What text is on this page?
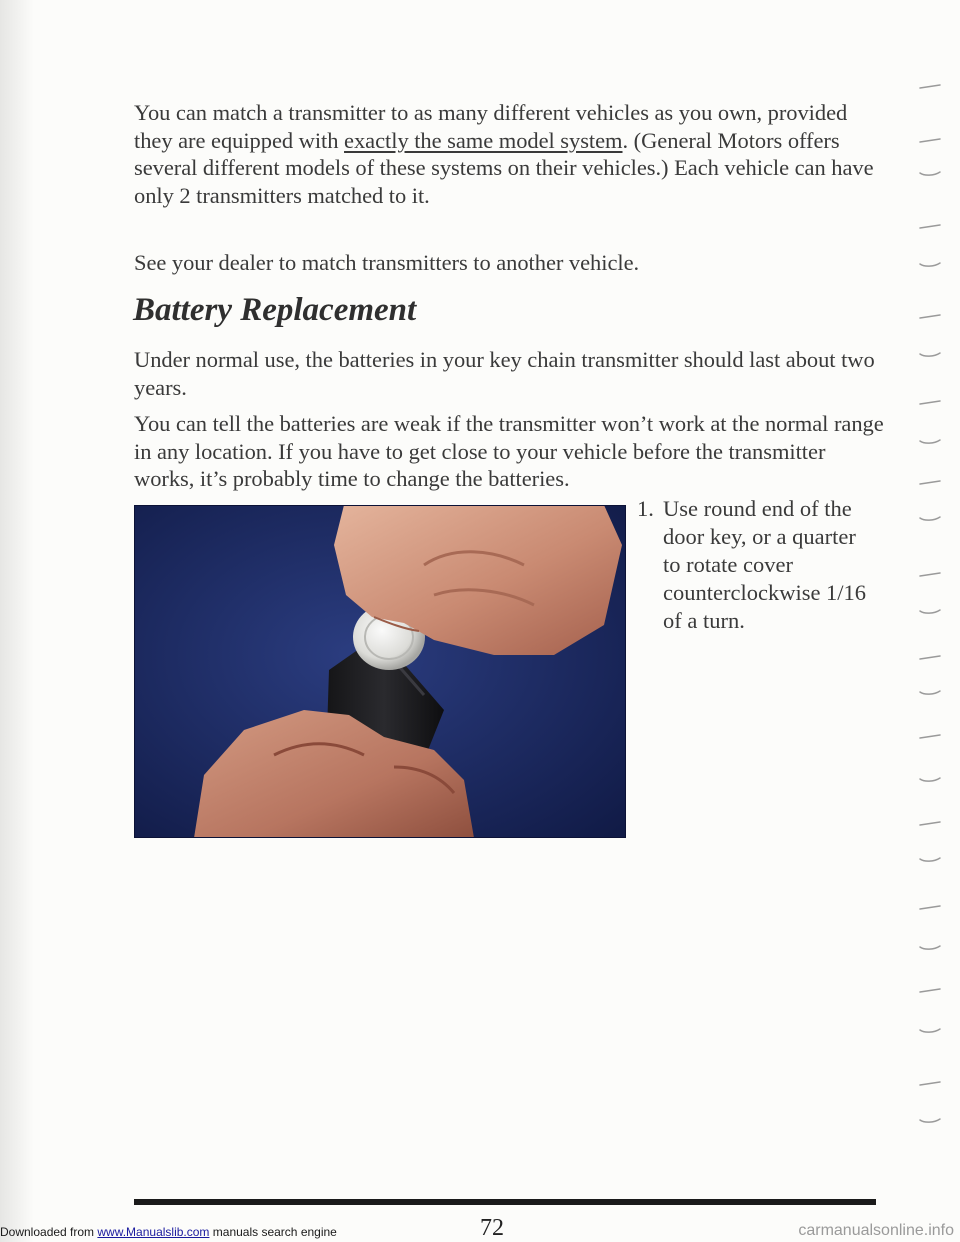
You can match a transmitter to as many different vehicles as you own, provided they are equipped with exactly the same model system. (General Motors offers several different models of these systems on their vehicles.) Each vehicle can have only 2 transmitters matched to it.

See your dealer to match transmitters to another vehicle.

Battery Replacement

Under normal use, the batteries in your key chain transmitter should last about two years.

You can tell the batteries are weak if the transmitter won’t work at the normal range in any location. If you have to get close to your vehicle before the transmitter works, it’s probably time to change the batteries.

1. Use round end of the door key, or a quarter to rotate cover counterclockwise 1/16 of a turn.
72
Downloaded from www.Manualslib.com manuals search engine	carmanualsonline.info
